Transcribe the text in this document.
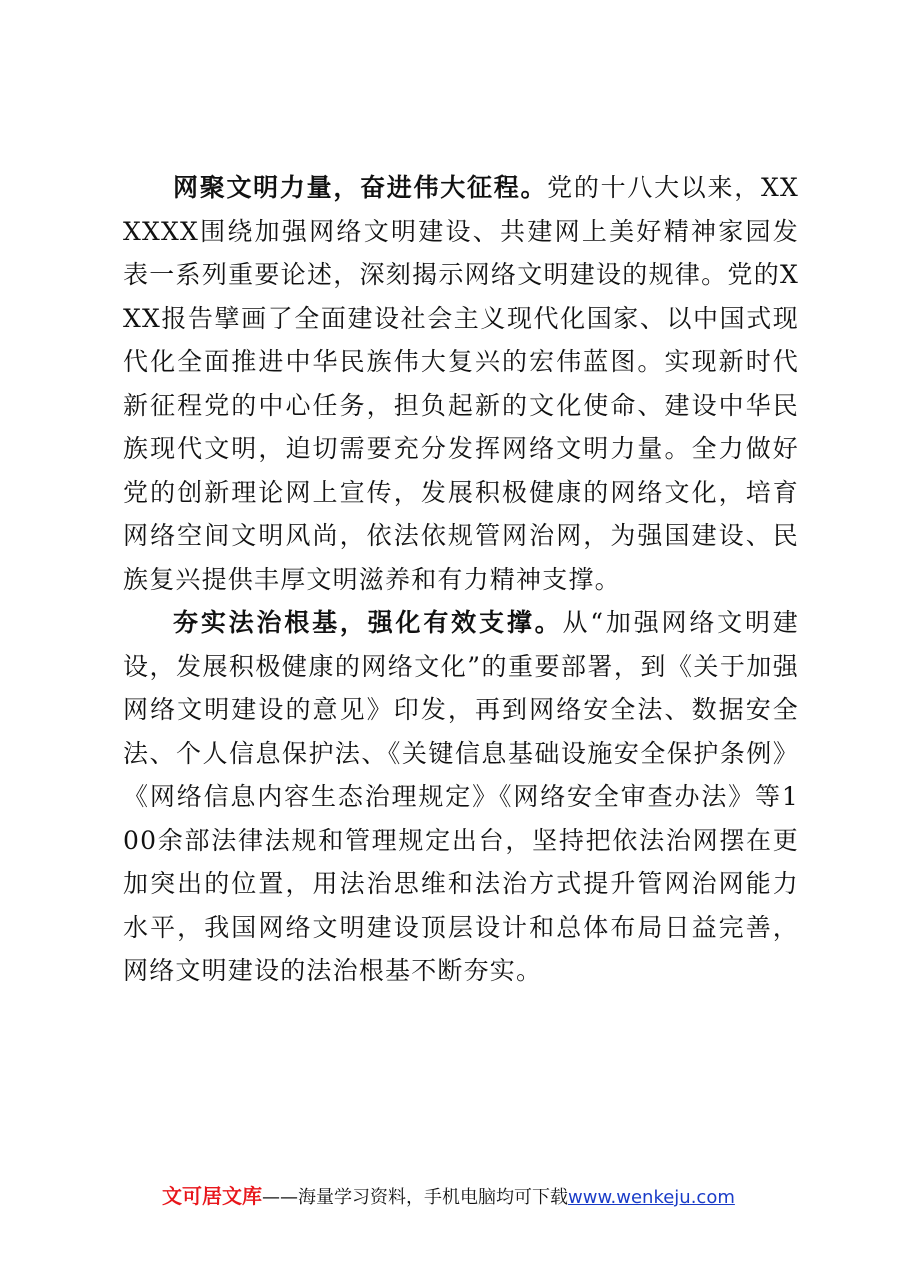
网聚文明力量，奋进伟大征程。党的十八大以来，XXXXXX围绕加强网络文明建设、共建网上美好精神家园发表一系列重要论述，深刻揭示网络文明建设的规律。党的XXX报告擘画了全面建设社会主义现代化国家、以中国式现代化全面推进中华民族伟大复兴的宏伟蓝图。实现新时代新征程党的中心任务，担负起新的文化使命、建设中华民族现代文明，迫切需要充分发挥网络文明力量。全力做好党的创新理论网上宣传，发展积极健康的网络文化，培育网络空间文明风尚，依法依规管网治网，为强国建设、民族复兴提供丰厚文明滋养和有力精神支撑。

夯实法治根基，强化有效支撑。从“加强网络文明建设，发展积极健康的网络文化”的重要部署，到《关于加强网络文明建设的意见》印发，再到网络安全法、数据安全法、个人信息保护法、《关键信息基础设施安全保护条例》《网络信息内容生态治理规定》《网络安全审查办法》等100余部法律法规和管理规定出台，坚持把依法治网摆在更加突出的位置，用法治思维和法治方式提升管网治网能力水平，我国网络文明建设顶层设计和总体布局日益完善，网络文明建设的法治根基不断夯实。

文可居文库——海量学习资料，手机电脑均可下载www.wenkeju.com
